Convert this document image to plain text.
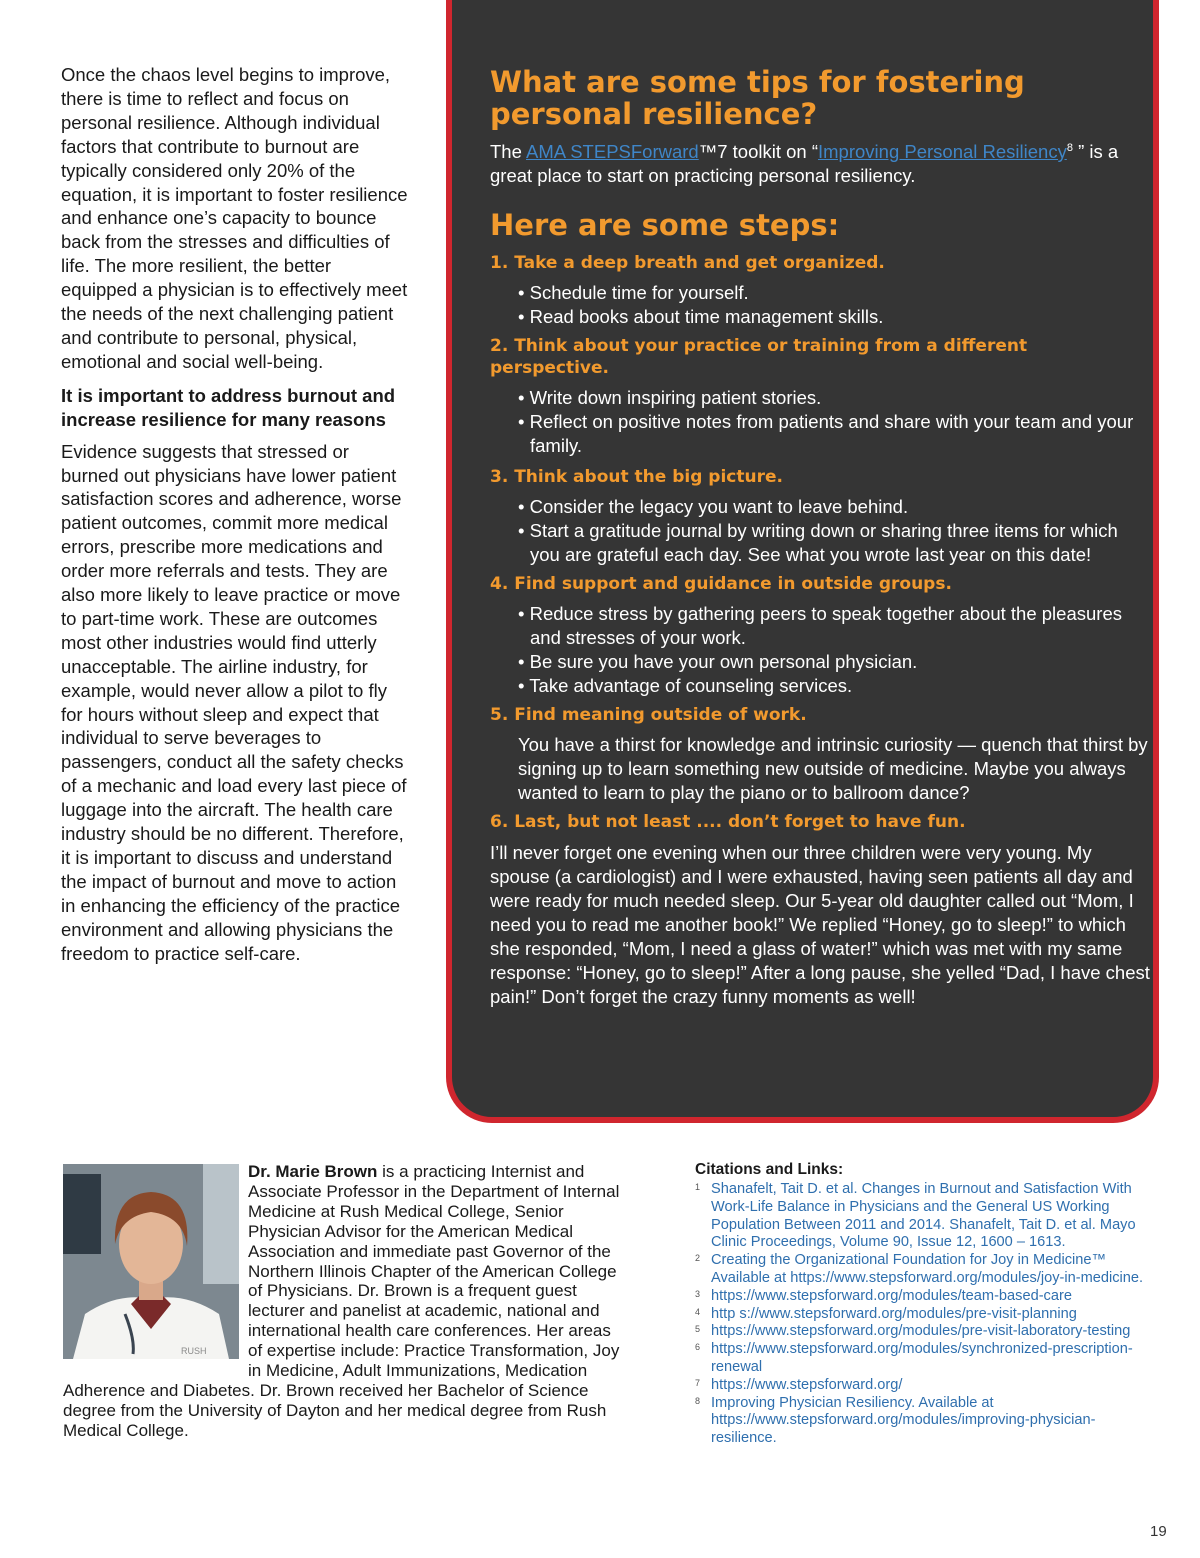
Once the chaos level begins to improve, there is time to reflect and focus on personal resilience. Although individual factors that contribute to burnout are typically considered only 20% of the equation, it is important to foster resilience and enhance one’s capacity to bounce back from the stresses and difficulties of life. The more resilient, the better equipped a physician is to effectively meet the needs of the next challenging patient and contribute to personal, physical, emotional and social well-being.

It is important to address burnout and increase resilience for many reasons

Evidence suggests that stressed or burned out physicians have lower patient satisfaction scores and adherence, worse patient outcomes, commit more medical errors, prescribe more medications and order more referrals and tests. They are also more likely to leave practice or move to part-time work. These are outcomes most other industries would find utterly unacceptable. The airline industry, for example, would never allow a pilot to fly for hours without sleep and expect that individual to serve beverages to passengers, conduct all the safety checks of a mechanic and load every last piece of luggage into the aircraft. The health care industry should be no different. Therefore, it is important to discuss and understand the impact of burnout and move to action in enhancing the efficiency of the practice environment and allowing physicians the freedom to practice self-care.

What are some tips for fostering personal resilience?

The AMA STEPSForward™7 toolkit on “Improving Personal Resiliency$^8$ ” is a great place to start on practicing personal resiliency.

Here are some steps:

1. Take a deep breath and get organized.

• Schedule time for yourself.

• Read books about time management skills.

2. Think about your practice or training from a different perspective.

• Write down inspiring patient stories.

• Reflect on positive notes from patients and share with your team and your family.

3. Think about the big picture.

• Consider the legacy you want to leave behind.

• Start a gratitude journal by writing down or sharing three items for which you are grateful each day. See what you wrote last year on this date!

4. Find support and guidance in outside groups.

• Reduce stress by gathering peers to speak together about the pleasures and stresses of your work.

• Be sure you have your own personal physician.

• Take advantage of counseling services.

5. Find meaning outside of work.

You have a thirst for knowledge and intrinsic curiosity — quench that thirst by signing up to learn something new outside of medicine. Maybe you always wanted to learn to play the piano or to ballroom dance?

6. Last, but not least .... don’t forget to have fun.

I’ll never forget one evening when our three children were very young. My spouse (a cardiologist) and I were exhausted, having seen patients all day and were ready for much needed sleep. Our 5-year old daughter called out “Mom, I need you to read me another book!” We replied “Honey, go to sleep!” to which she responded, “Mom, I need a glass of water!” which was met with my same response: “Honey, go to sleep!” After a long pause, she yelled “Dad, I have chest pain!” Don’t forget the crazy funny moments as well!

RUSH
Dr. Marie Brown is a practicing Internist and Associate Professor in the Department of Internal Medicine at Rush Medical College, Senior Physician Advisor for the American Medical Association and immediate past Governor of the Northern Illinois Chapter of the American College of Physicians. Dr. Brown is a frequent guest lecturer and panelist at academic, national and international health care conferences. Her areas of expertise include: Practice Transformation, Joy in Medicine, Adult Immunizations, Medication Adherence and Diabetes. Dr. Brown received her Bachelor of Science degree from the University of Dayton and her medical degree from Rush Medical College.

Citations and Links:

1 Shanafelt, Tait D. et al. Changes in Burnout and Satisfaction With Work-Life Balance in Physicians and the General US Working Population Between 2011 and 2014. Shanafelt, Tait D. et al. Mayo Clinic Proceedings, Volume 90, Issue 12, 1600 – 1613.
2 Creating the Organizational Foundation for Joy in Medicine™ Available at https://www.stepsforward.org/modules/joy-in-medicine.
3 https://www.stepsforward.org/modules/team-based-care
4 http s://www.stepsforward.org/modules/pre-visit-planning
5 https://www.stepsforward.org/modules/pre-visit-laboratory-testing
6 https://www.stepsforward.org/modules/synchronized-prescription-renewal
7 https://www.stepsforward.org/
8 Improving Physician Resiliency. Available at https://www.stepsforward.org/modules/improving-physician-resilience.
19
